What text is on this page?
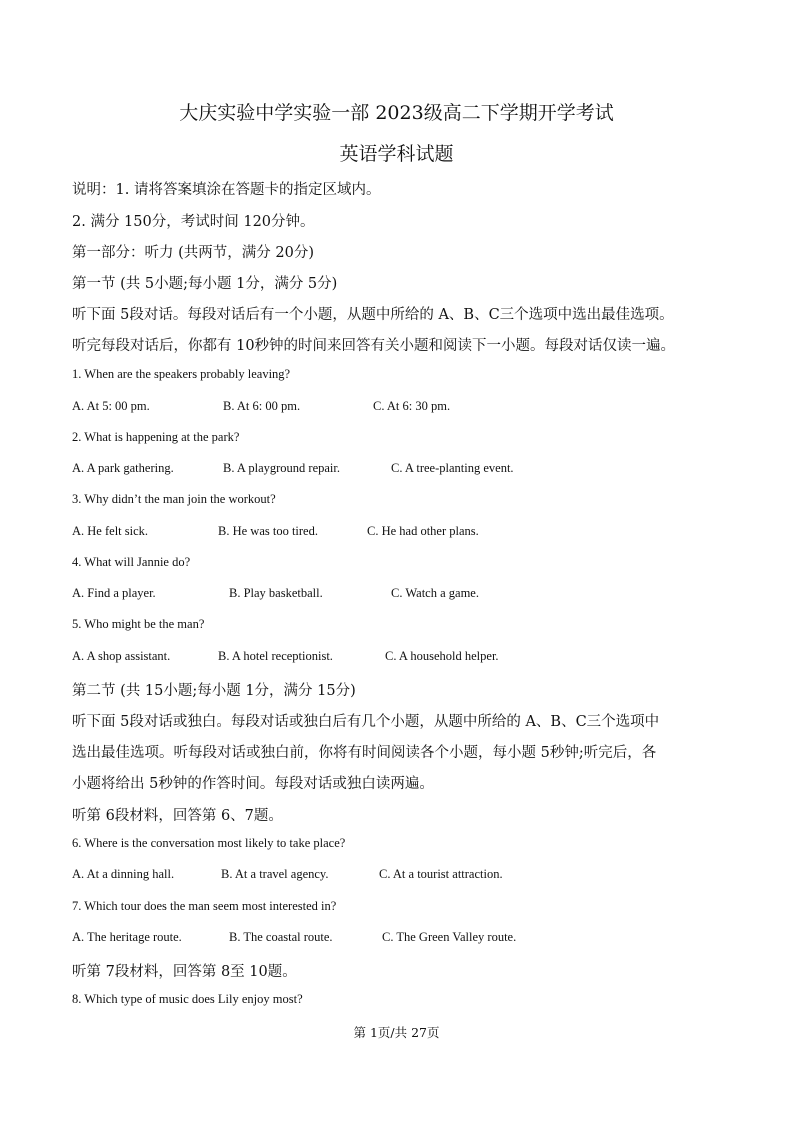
大庆实验中学实验一部 2023级高二下学期开学考试
英语学科试题
说明：1. 请将答案填涂在答题卡的指定区域内。
2. 满分 150分，考试时间 120分钟。
第一部分：听力 (共两节，满分 20分)
第一节 (共 5小题;每小题 1分，满分 5分)
听下面 5段对话。每段对话后有一个小题，从题中所给的 A、B、C三个选项中选出最佳选项。
听完每段对话后，你都有 10秒钟的时间来回答有关小题和阅读下一小题。每段对话仅读一遍。
1. When are the speakers probably leaving?
A. At 5: 00 pm.	B. At 6: 00 pm.	C. At 6: 30 pm.
2. What is happening at the park?
A. A park gathering.	B. A playground repair.	C. A tree-planting event.
3. Why didn’t the man join the workout?
A. He felt sick.	B. He was too tired.	C. He had other plans.
4. What will Jannie do?
A. Find a player.	B. Play basketball.	C. Watch a game.
5. Who might be the man?
A. A shop assistant.	B. A hotel receptionist.	C. A household helper.
第二节 (共 15小题;每小题 1分，满分 15分)
听下面 5段对话或独白。每段对话或独白后有几个小题，从题中所给的 A、B、C三个选项中
选出最佳选项。听每段对话或独白前，你将有时间阅读各个小题，每小题 5秒钟;听完后，各
小题将给出 5秒钟的作答时间。每段对话或独白读两遍。
听第 6段材料，回答第 6、7题。
6. Where is the conversation most likely to take place?
A. At a dinning hall.	B. At a travel agency.	C. At a tourist attraction.
7. Which tour does the man seem most interested in?
A. The heritage route.	B. The coastal route.	C. The Green Valley route.
听第 7段材料，回答第 8至 10题。
8. Which type of music does Lily enjoy most?
第 1页/共 27页
